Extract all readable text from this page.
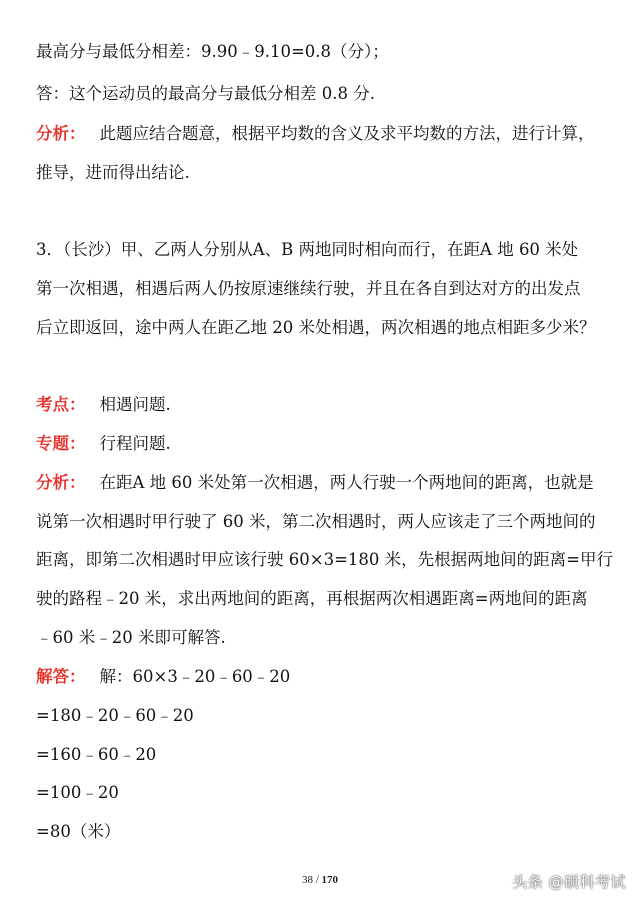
最高分与最低分相差：9.90﹣9.10=0.8（分）；
答：这个运动员的最高分与最低分相差 0.8 分.
分析： 此题应结合题意，根据平均数的含义及求平均数的方法，进行计算，
推导，进而得出结论.
3．（长沙）甲、乙两人分别从A、B 两地同时相向而行，在距A 地 60 米处
第一次相遇，相遇后两人仍按原速继续行驶，并且在各自到达对方的出发点
后立即返回，途中两人在距乙地 20 米处相遇，两次相遇的地点相距多少米？
考点： 相遇问题.
专题： 行程问题.
分析： 在距A 地 60 米处第一次相遇，两人行驶一个两地间的距离，也就是
说第一次相遇时甲行驶了 60 米，第二次相遇时，两人应该走了三个两地间的
距离，即第二次相遇时甲应该行驶 60×3=180 米，先根据两地间的距离=甲行
驶的路程﹣20 米，求出两地间的距离，再根据两次相遇距离=两地间的距离
﹣60 米﹣20 米即可解答.
解答： 解：60×3﹣20﹣60﹣20
=180﹣20﹣60﹣20
=160﹣60﹣20
=100﹣20
=80（米）
38 / 170	头条 @硕科考试
